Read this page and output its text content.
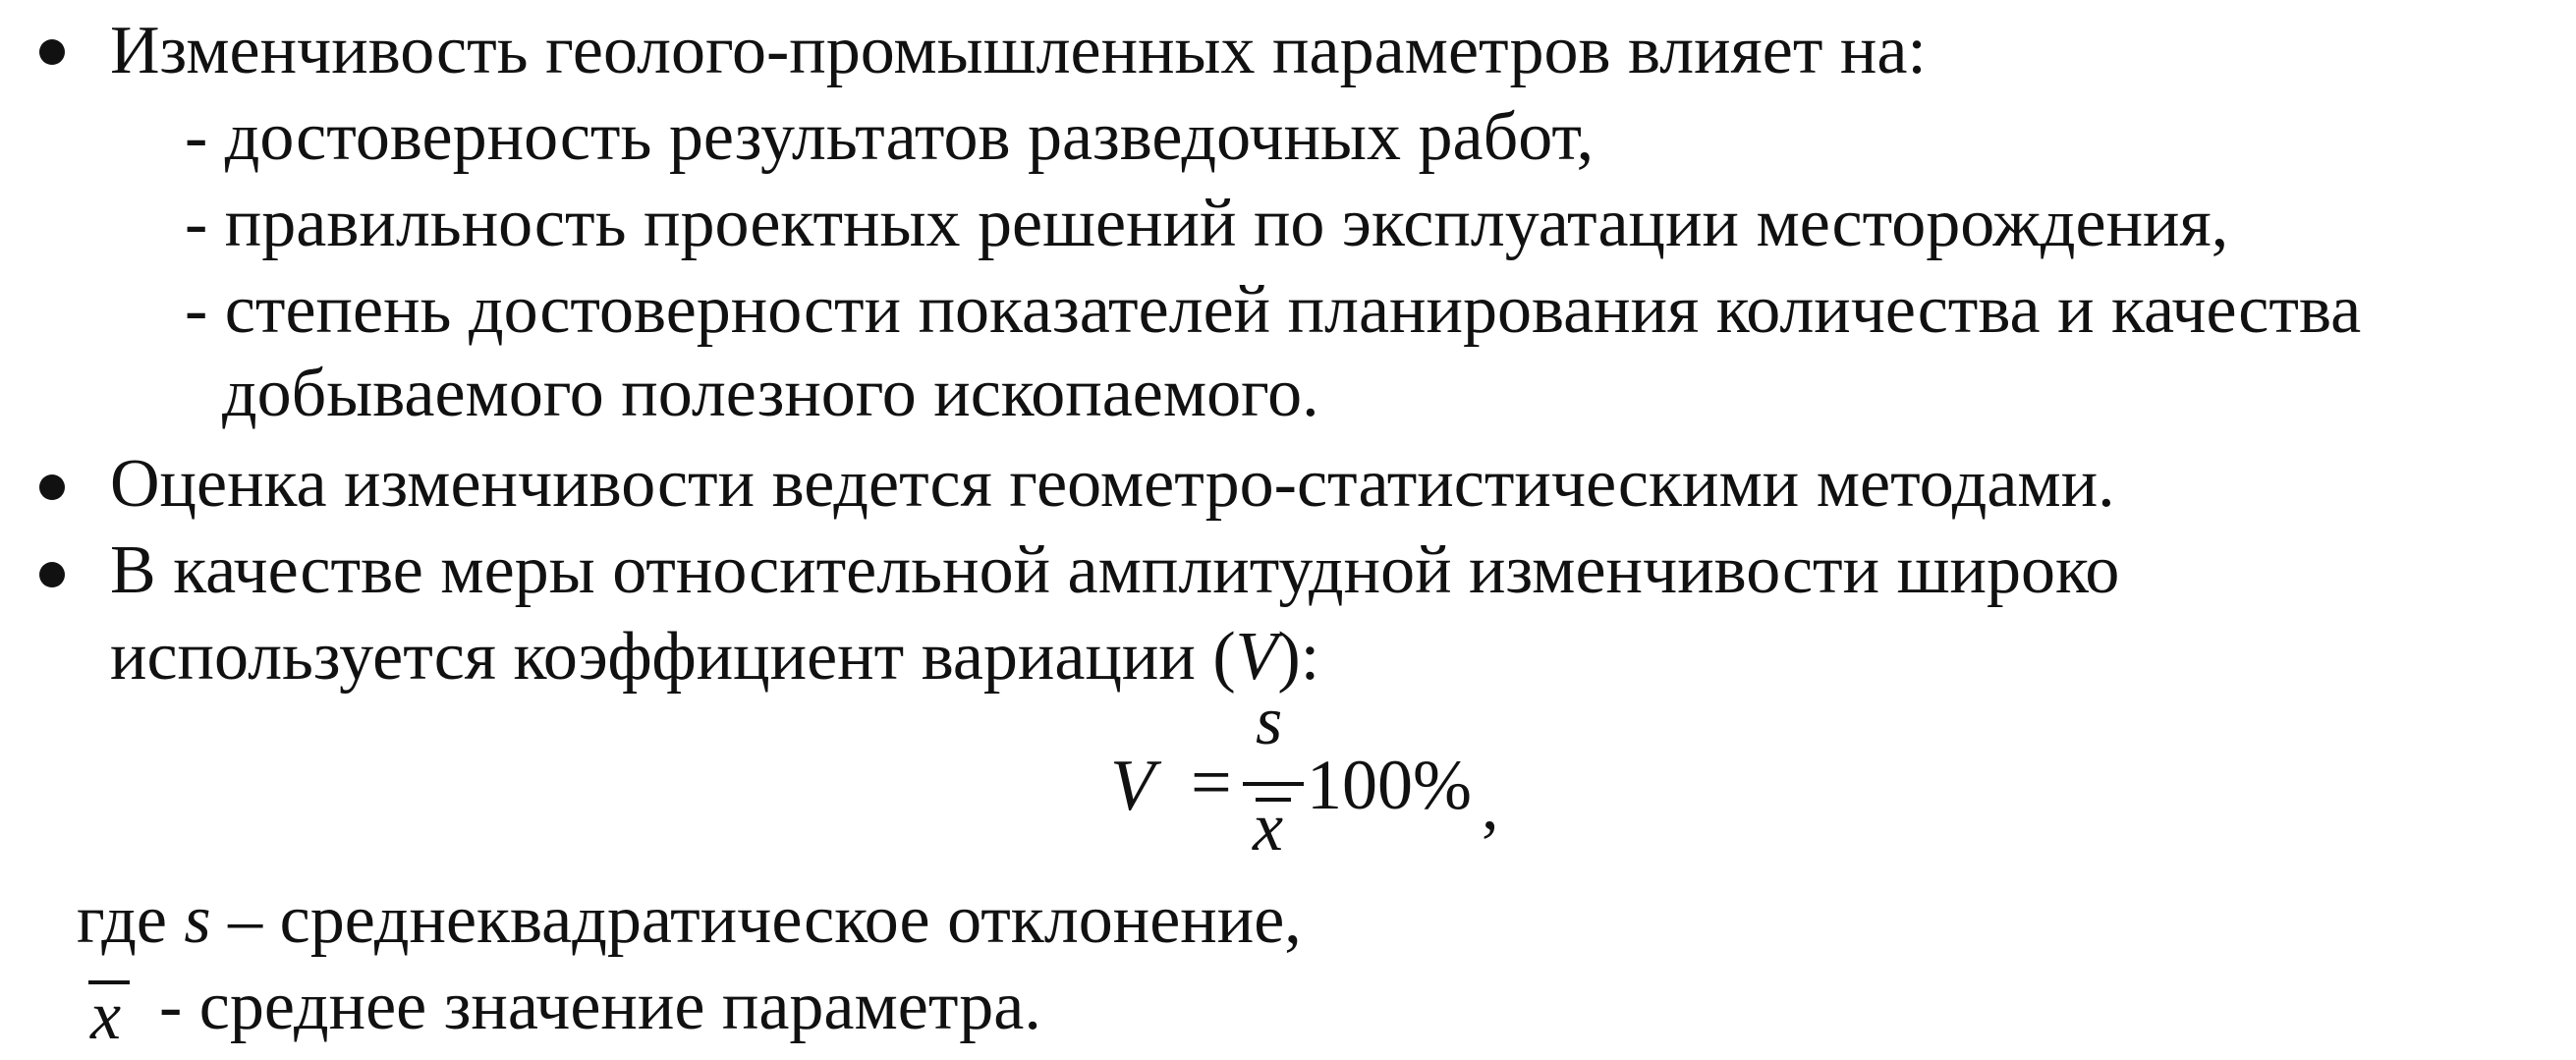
Изменчивость геолого-промышленных параметров влияет на:
- достоверность результатов разведочных работ,
- правильность проектных решений по эксплуатации месторождения,
- степень достоверности показателей планирования количества и качества
добываемого полезного ископаемого.
Оценка изменчивости ведется геометро-статистическими методами.
В качестве меры относительной амплитудной изменчивости широко
используется коэффициент вариации (V):
V =
s
x
100% ,
где s – среднеквадратическое отклонение,
x - среднее значение параметра.
